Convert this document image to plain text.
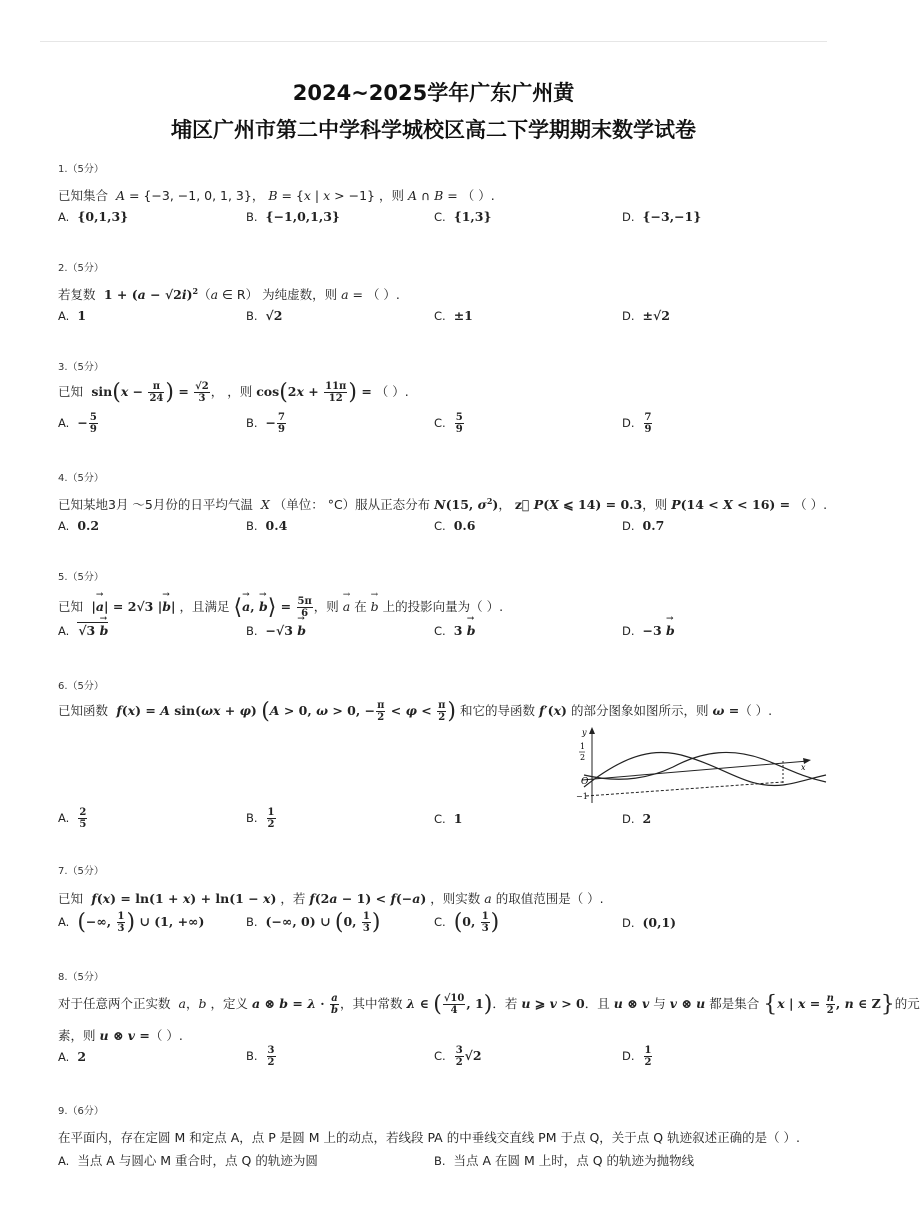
2024~2025学年广东广州黄
埔区广州市第二中学科学城校区高二下学期期末数学试卷
1.（5分）
已知集合  A = {−3, −1, 0, 1, 3}， B = {x | x > −1} ，则 A ∩ B = （ ）.
A. {0,1,3}	B. {−1,0,1,3}	C. {1,3}	D. {−3,−1}
2.（5分）
若复数  $1 + (a - √2i)^2(a$ ∈ R） 为纯虚数，则 a = （ ）.
A. 1	B. √2	C. ±1	D. ±√2
3.（5分）
已知  $\sin(x - \frac{\pi}{24}$ ) = $\frac{√2}{3}$ ， ，则 $\cos(2x + \frac{11\pi}{12}$ ) = （ ）.
A. − $\frac{5}{9}$	B. − $\frac{7}{9}$	C. $\frac{5}{9}$	D. $\frac{7}{9}$
4.（5分）
已知某地3月 ～5月份的日平均气温  X （单位： °C）服从正态分布 N(15, $\sigma^2$)， z⃗ P(X ⩽ 14) = 0.3，则 P(14 < X < 16) = （ ）.
A. 0.2	B. 0.4	C. 0.6	D. 0.7
5.（5分）
已知  |→ a| = 2√3 |→ b| ，且满足 ⟨→ a, → b⟩ = $\frac{5\pi}{6}$ ，则 → a 在 → b 上的投影向量为（ ）.
A. √3 → b	B. −√3 → b	C. 3 → b	D. −3 → b
6.（5分）
已知函数 f(x) = A sin(ωx + φ) (A > 0, ω > 0, − $\frac{\pi}{2} < \varphi < \frac{\pi}{2}$ ) 和它的导函数 f′(x) 的部分图象如图所示，则 ω =（ ）.
A. $\frac{2}{5}$	B. $\frac{1}{2}$	C. 1	D. 2
y
x
O
1
2
−1
7.（5分）
已知 f(x) = ln(1 + x) + ln(1 − x) ，若 f(2a − 1) < f(−a) ，则实数 a 的取值范围是（ ）.
A. (−∞, $\frac{1}{3}$ ) ∪ (1, +∞)	B. (−∞, 0) ∪ (0, $\frac{1}{3}$ )	C. (0, $\frac{1}{3}$ )	D. (0,1)
8.（5分）
对于任意两个正实数  a，b ，定义 a ⊗ $b = \lambda \cdot \frac{a}{b}$ ，其中常数 λ ∈ ( $\frac{√10}{4}$ , 1)．若 u ⩾ v > 0．且 u ⊗ v 与 v ⊗ u 都是集合 {x | $x = \frac{n}{2}$ , n ∈ Z}的元
素，则 u ⊗ v =（ ）.
A. 2	B. $\frac{3}{2}$	C. $\frac{3}{2} √2$	D. $\frac{1}{2}$
9.（6分）
在平面内，存在定圆 M 和定点 A，点 P 是圆 M 上的动点，若线段 PA 的中垂线交直线 PM 于点 Q，关于点 Q 轨迹叙述正确的是（ ）.
A. 当点 A 与圆心 M 重合时，点 Q 的轨迹为圆	B. 当点 A 在圆 M 上时，点 Q 的轨迹为抛物线
